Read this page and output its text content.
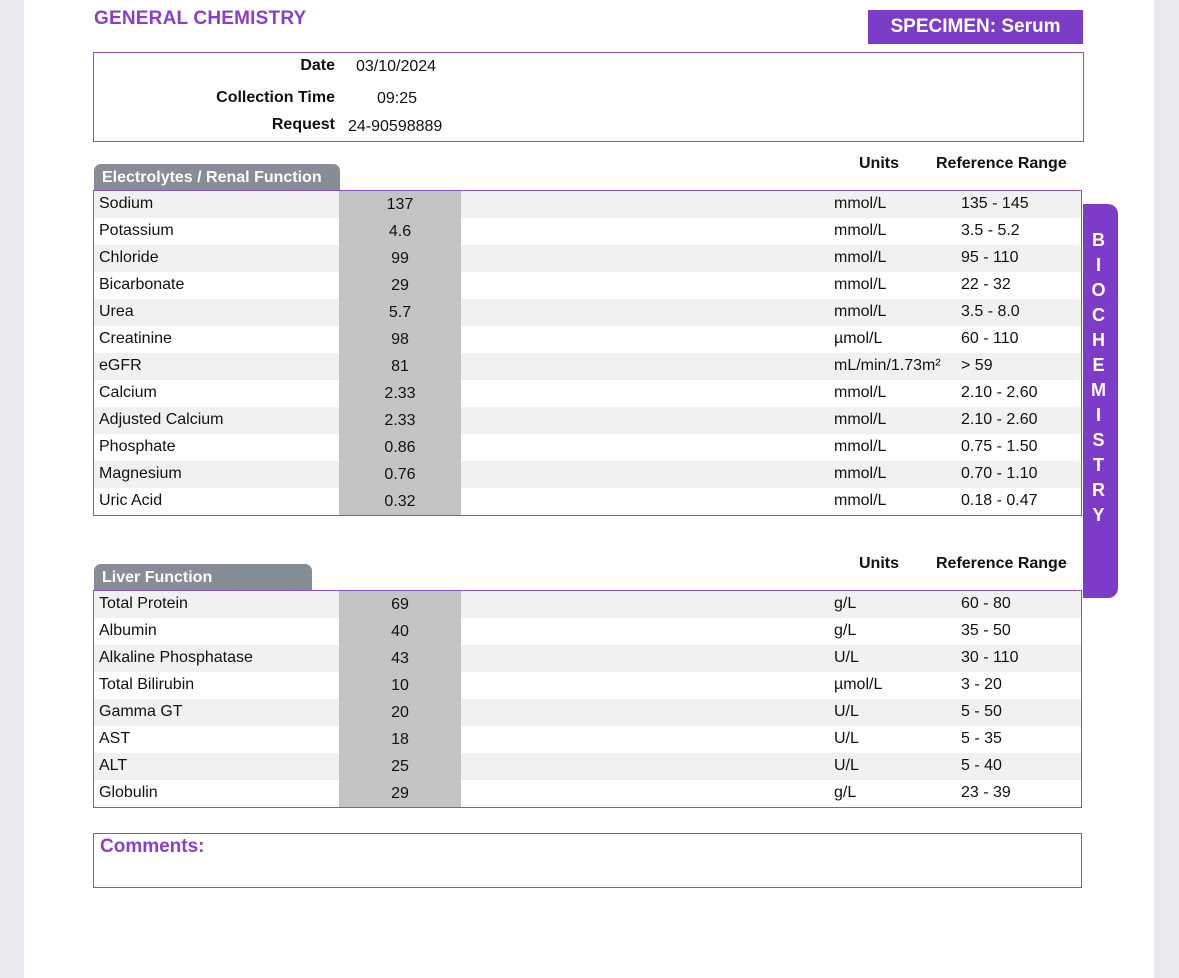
GENERAL CHEMISTRY	SPECIMEN: Serum
Date 03/10/2024
Collection Time	09:25
Request 24-90598889
Units Reference Range
Electrolytes / Renal Function
Sodium	137	mmol/L	135 - 145
Potassium	4.6	mmol/L	3.5 - 5.2
Chloride	99	mmol/L	95 - 110
Bicarbonate	29	mmol/L	22 - 32
Urea	5.7	mmol/L	3.5 - 8.0
Creatinine	98	µmol/L	60 - 110
eGFR	81	mL/min/1.73m² > 59
Calcium	2.33	mmol/L	2.10 - 2.60
Adjusted Calcium	2.33	mmol/L	2.10 - 2.60
Phosphate	0.86	mmol/L	0.75 - 1.50
Magnesium	0.76	mmol/L	0.70 - 1.10
Uric Acid	0.32	mmol/L	0.18 - 0.47
Units Reference Range
Liver Function
Total Protein	69	g/L	60 - 80
Albumin	40	g/L	35 - 50
Alkaline Phosphatase	43	U/L	30 - 110
Total Bilirubin	10	µmol/L	3 - 20
Gamma GT	20	U/L	5 - 50
AST	18	U/L	5 - 35
ALT	25	U/L	5 - 40
Globulin	29	g/L	23 - 39
B
I
O
C
H
E
M
I
S
T
R
Y
Comments:
